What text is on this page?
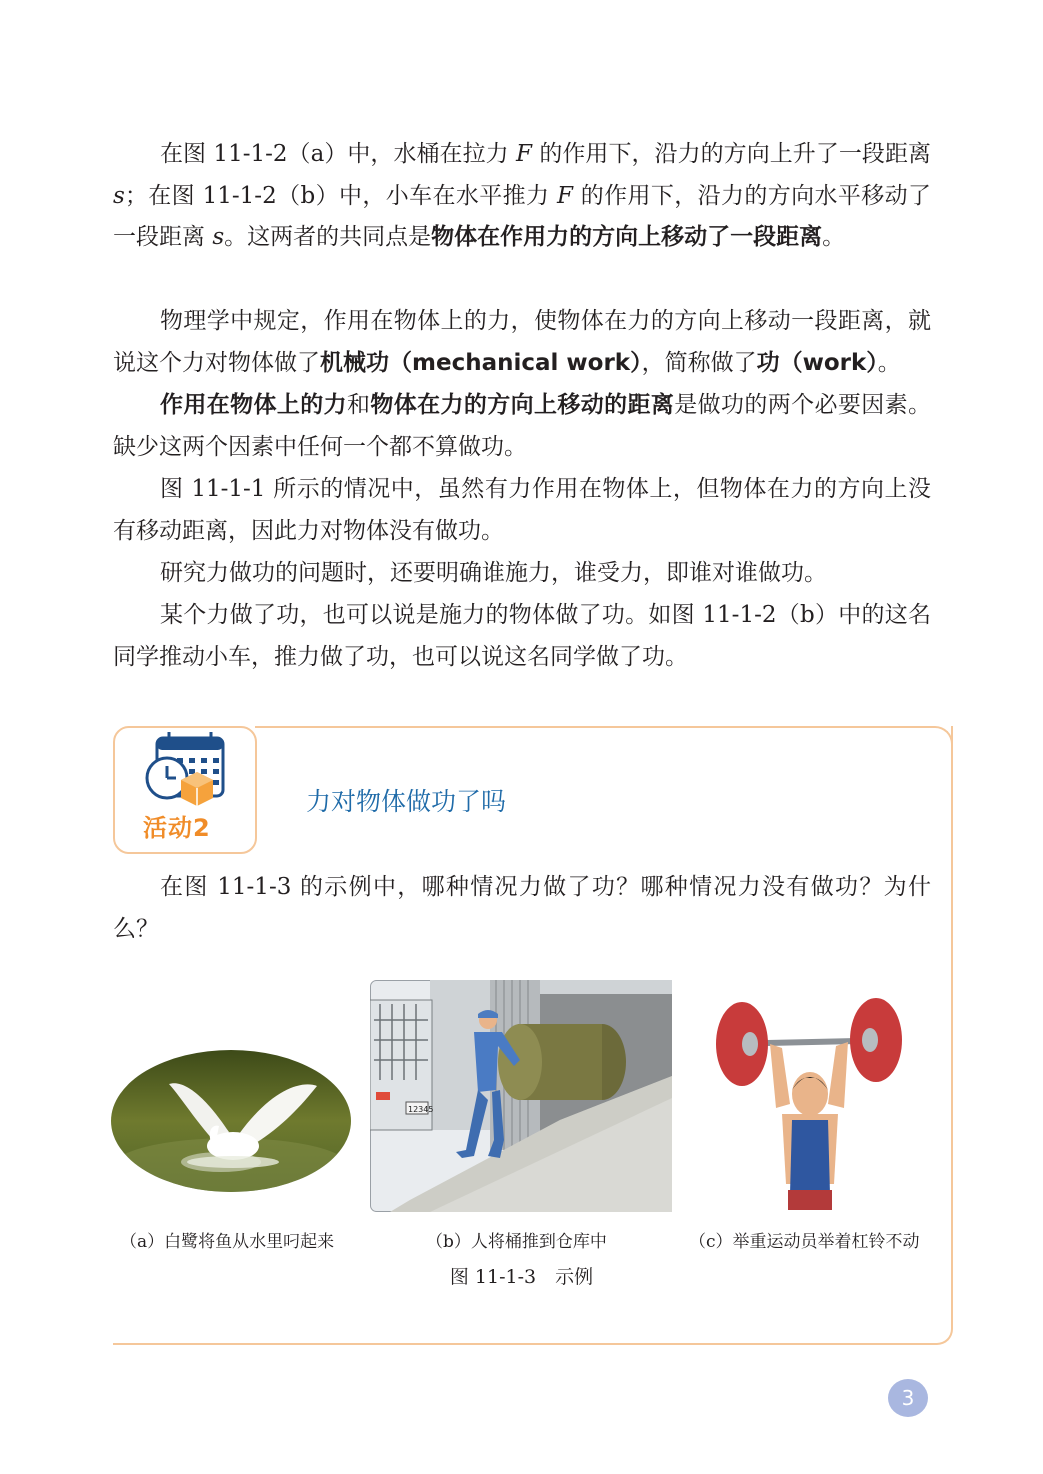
在图 11-1-2（a）中，水桶在拉力 F 的作用下，沿力的方向上升了一段距离s；在图 11-1-2（b）中，小车在水平推力 F 的作用下，沿力的方向水平移动了一段距离 s。这两者的共同点是物体在作用力的方向上移动了一段距离。

物理学中规定，作用在物体上的力，使物体在力的方向上移动一段距离，就说这个力对物体做了机械功（mechanical work），简称做了功（work）。

作用在物体上的力和物体在力的方向上移动的距离是做功的两个必要因素。缺少这两个因素中任何一个都不算做功。

图 11-1-1 所示的情况中，虽然有力作用在物体上，但物体在力的方向上没有移动距离，因此力对物体没有做功。

研究力做功的问题时，还要明确谁施力，谁受力，即谁对谁做功。

某个力做了功，也可以说是施力的物体做了功。如图 11-1-2（b）中的这名同学推动小车，推力做了功，也可以说这名同学做了功。

活动2
力对物体做功了吗

在图 11-1-3 的示例中，哪种情况力做了功？哪种情况力没有做功？为什么？

12345
（a）白鹭将鱼从水里叼起来	（b）人将桶推到仓库中	（c）举重运动员举着杠铃不动
图 11-1-3　示例
3
